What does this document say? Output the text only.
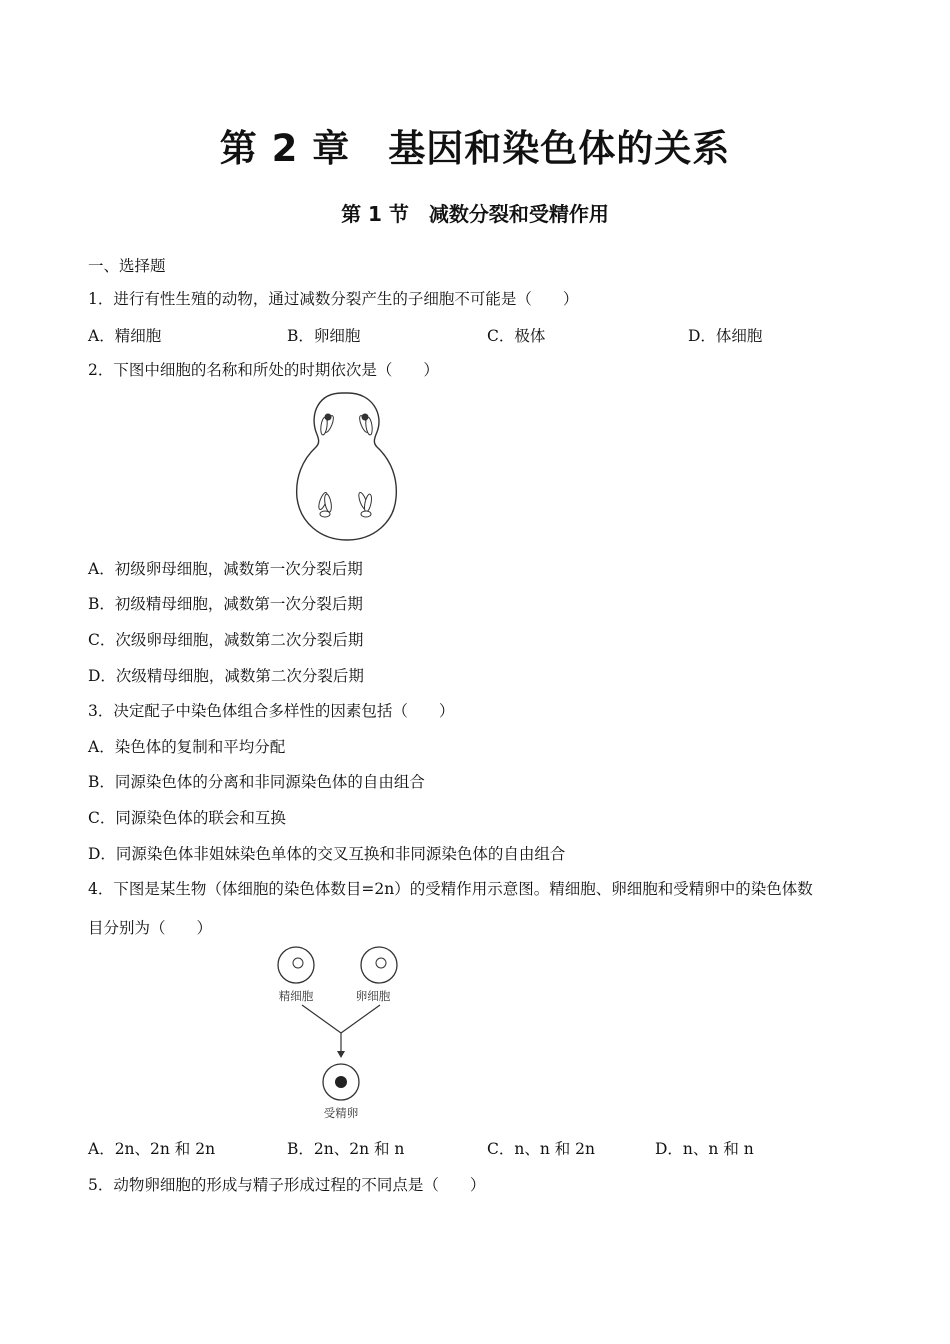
第 2 章　基因和染色体的关系
第 1 节　减数分裂和受精作用
一、选择题
1．进行有性生殖的动物，通过减数分裂产生的子细胞不可能是（　　）
A．精细胞	B．卵细胞	C．极体	D．体细胞
2．下图中细胞的名称和所处的时期依次是（　　）
A．初级卵母细胞，减数第一次分裂后期
B．初级精母细胞，减数第一次分裂后期
C．次级卵母细胞，减数第二次分裂后期
D．次级精母细胞，减数第二次分裂后期
3．决定配子中染色体组合多样性的因素包括（　　）
A．染色体的复制和平均分配
B．同源染色体的分离和非同源染色体的自由组合
C．同源染色体的联会和互换
D．同源染色体非姐妹染色单体的交叉互换和非同源染色体的自由组合
4．下图是某生物（体细胞的染色体数目=2n）的受精作用示意图。精细胞、卵细胞和受精卵中的染色体数
目分别为（　　）
精细胞	卵细胞
受精卵
A．2n、2n 和 2n	B．2n、2n 和 n	C．n、n 和 2n	D．n、n 和 n
5．动物卵细胞的形成与精子形成过程的不同点是（　　）
